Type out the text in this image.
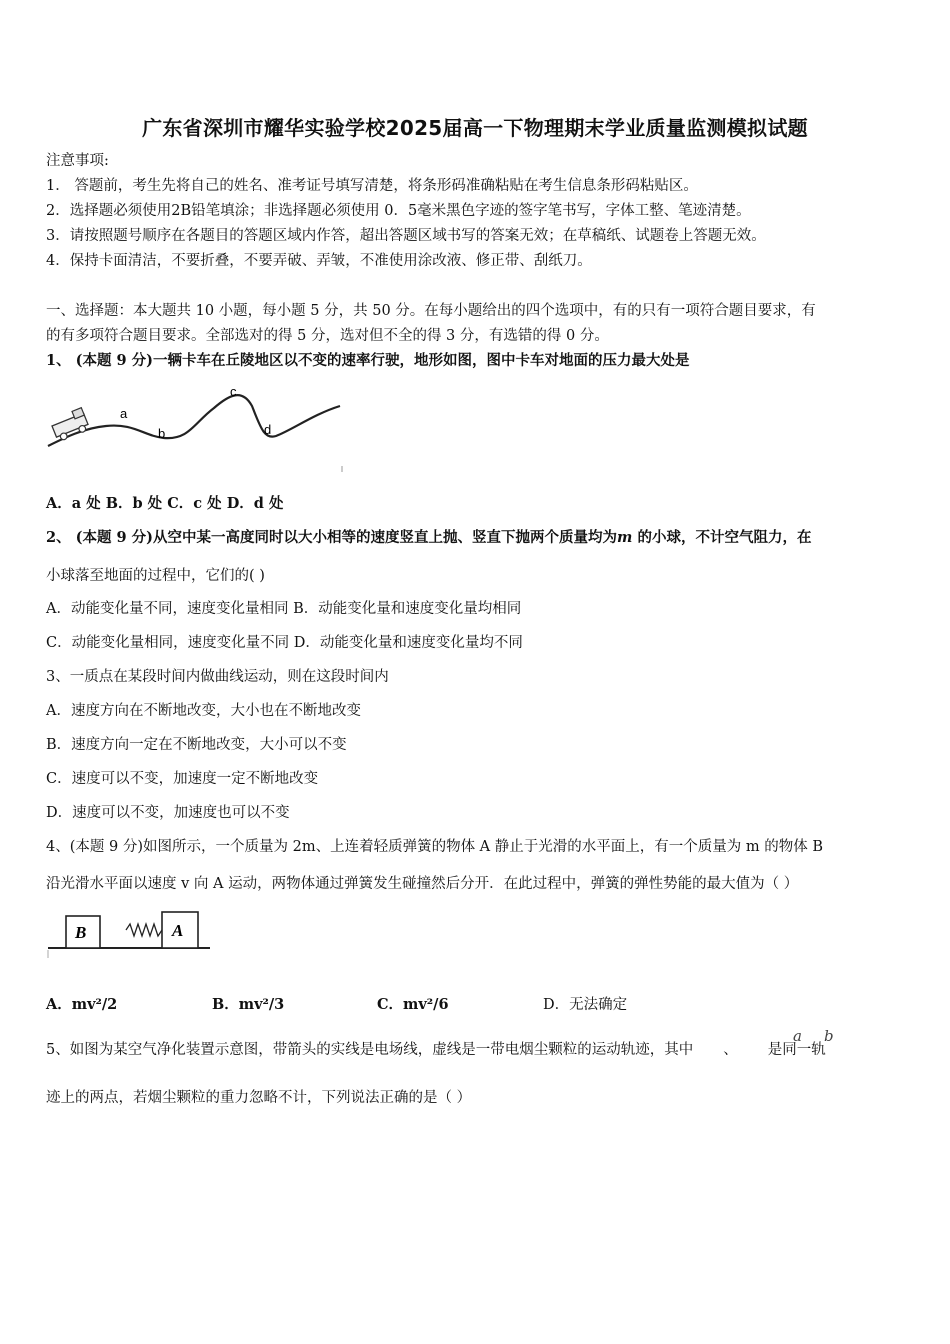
广东省深圳市耀华实验学校2025届高一下物理期末学业质量监测模拟试题
注意事项:
1． 答题前，考生先将自己的姓名、准考证号填写清楚，将条形码准确粘贴在考生信息条形码粘贴区。
2．选择题必须使用2B铅笔填涂；非选择题必须使用 0．5毫米黑色字迹的签字笔书写，字体工整、笔迹清楚。
3．请按照题号顺序在各题目的答题区域内作答，超出答题区域书写的答案无效；在草稿纸、试题卷上答题无效。
4．保持卡面清洁，不要折叠，不要弄破、弄皱，不准使用涂改液、修正带、刮纸刀。
一、选择题：本大题共 10 小题，每小题 5 分，共 50 分。在每小题给出的四个选项中，有的只有一项符合题目要求，有
的有多项符合题目要求。全部选对的得 5 分，选对但不全的得 3 分，有选错的得 0 分。
1、 (本题 9 分)一辆卡车在丘陵地区以不变的速率行驶，地形如图，图中卡车对地面的压力最大处是
a
b
c
d
A．a 处 B．b 处 C．c 处 D．d 处
2、 (本题 9 分)从空中某一高度同时以大小相等的速度竖直上抛、竖直下抛两个质量均为m 的小球，不计空气阻力，在
小球落至地面的过程中，它们的( )
A．动能变化量不同，速度变化量相同 B．动能变化量和速度变化量均相同
C．动能变化量相同，速度变化量不同 D．动能变化量和速度变化量均不同
3、一质点在某段时间内做曲线运动，则在这段时间内
A．速度方向在不断地改变，大小也在不断地改变
B．速度方向一定在不断地改变，大小可以不变
C．速度可以不变，加速度一定不断地改变
D．速度可以不变，加速度也可以不变
4、(本题 9 分)如图所示，一个质量为 2m、上连着轻质弹簧的物体 A 静止于光滑的水平面上，有一个质量为 m 的物体 B
沿光滑水平面以速度 v 向 A 运动，两物体通过弹簧发生碰撞然后分开．在此过程中，弹簧的弹性势能的最大值为（ ）
B	A
A．mv²/2	B．mv²/3	C．mv²/6	D．无法确定
5、如图为某空气净化装置示意图，带箭头的实线是电场线，虚线是一带电烟尘颗粒的运动轨迹，其中 、 是同一轨
a b
迹上的两点，若烟尘颗粒的重力忽略不计，下列说法正确的是（ ）
